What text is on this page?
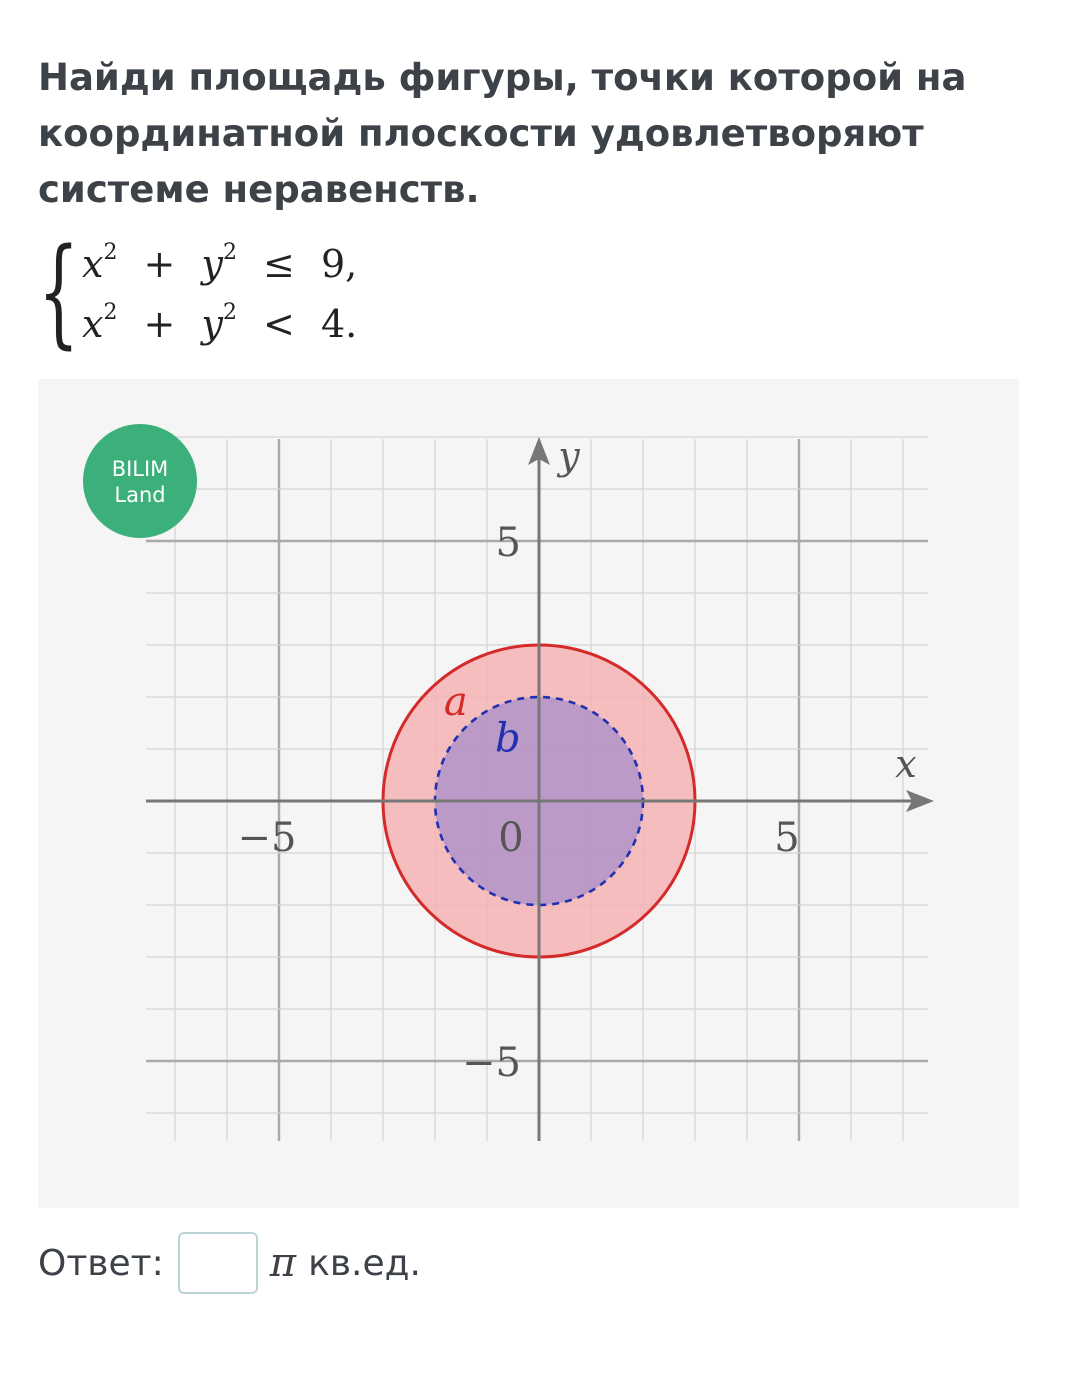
Найди площадь фигуры, точки которой на координатной плоскости удовлетворяют системе неравенств.
{ $x^2 + y^2 \le 9$,
$x^2 + y^2 < 4$.
−5	5
5
−5
0
x
y
a
b
BILIM
Land
Ответ:	π кв.ед.
